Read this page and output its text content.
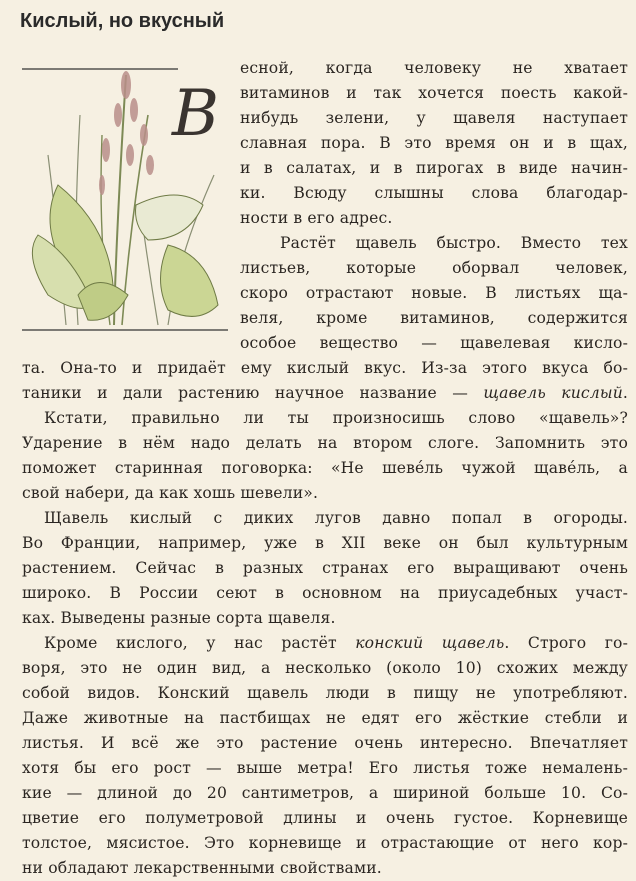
Кислый, но вкусный
В
есной, когда человеку не хватает
витаминов и так хочется поесть какой-
нибудь зелени, у щавеля наступает
славная пора. В это время он и в щах,
и в салатах, и в пирогах в виде начин-
ки. Всюду слышны слова благодар-
ности в его адрес.
Растёт щавель быстро. Вместо тех
листьев, которые оборвал человек,
скоро отрастают новые. В листьях ща-
веля, кроме витаминов, содержится
особое вещество — щавелевая кисло-
та. Она-то и придаёт ему кислый вкус. Из-за этого вкуса бо-
таники и дали растению научное название — щавель кислый.
Кстати, правильно ли ты произносишь слово «щавель»?
Ударение в нём надо делать на втором слоге. Запомнить это
поможет старинная поговорка: «Не шеве́ль чужой щаве́ль, а
свой набери, да как хошь шевели».
Щавель кислый с диких лугов давно попал в огороды.
Во Франции, например, уже в XII веке он был культурным
растением. Сейчас в разных странах его выращивают очень
широко. В России сеют в основном на приусадебных участ-
ках. Выведены разные сорта щавеля.
Кроме кислого, у нас растёт конский щавель. Строго го-
воря, это не один вид, а несколько (около 10) схожих между
собой видов. Конский щавель люди в пищу не употребляют.
Даже животные на пастбищах не едят его жёсткие стебли и
листья. И всё же это растение очень интересно. Впечатляет
хотя бы его рост — выше метра! Его листья тоже немалень-
кие — длиной до 20 сантиметров, а шириной больше 10. Со-
цветие его полуметровой длины и очень густое. Корневище
толстое, мясистое. Это корневище и отрастающие от него кор-
ни обладают лекарственными свойствами.
